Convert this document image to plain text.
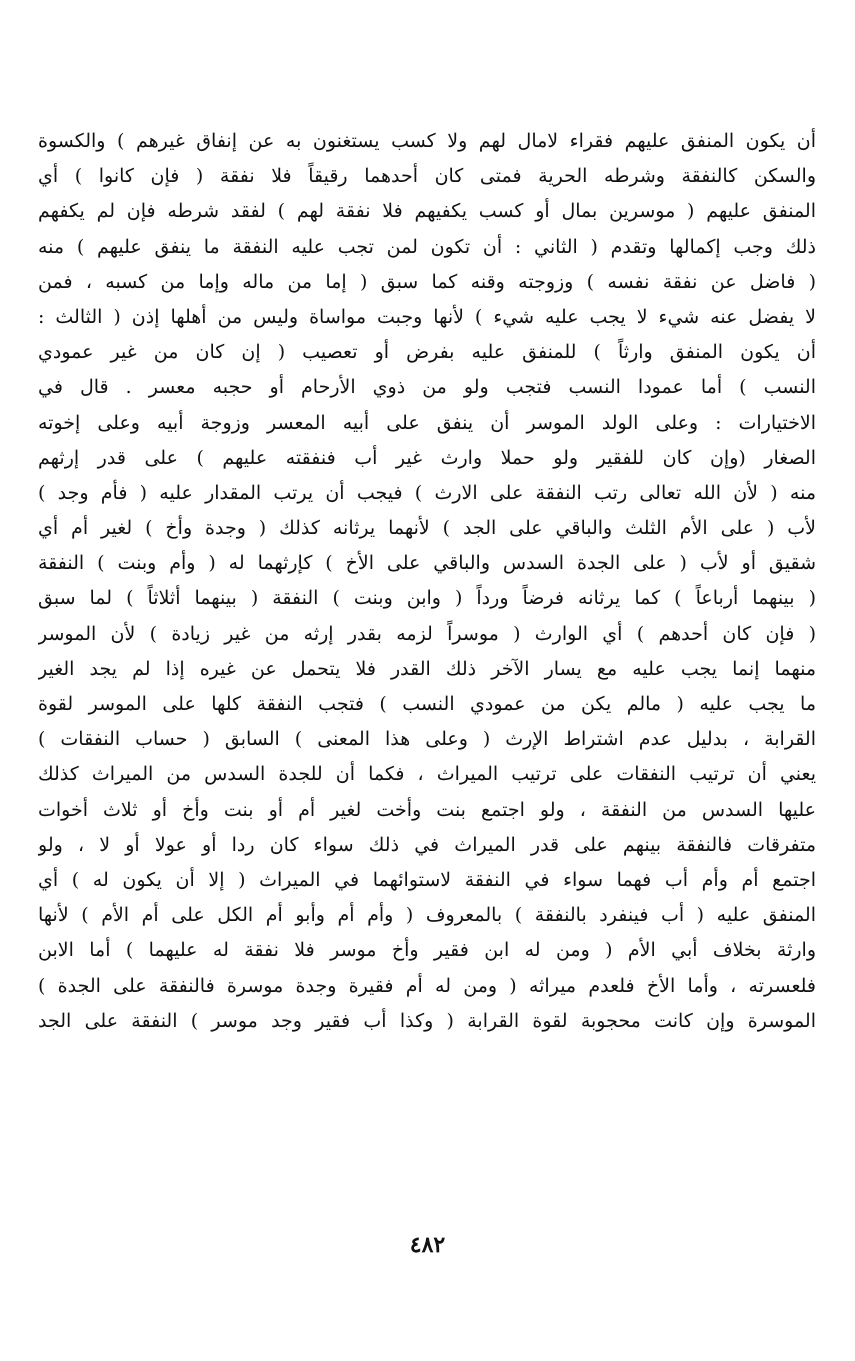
أن يكون المنفق عليهم فقراء لامال لهم ولا كسب يستغنون به عن إنفاق غيرهم ) والكسوة
والسكن كالنفقة وشرطه الحرية فمتى كان أحدهما رقيقاً فلا نفقة ( فإن كانوا ) أي
المنفق عليهم ( موسرين بمال أو كسب يكفيهم فلا نفقة لهم ) لفقد شرطه فإن لم يكفهم
ذلك وجب إكمالها وتقدم ( الثاني : أن تكون لمن تجب عليه النفقة ما ينفق عليهم ) منه
( فاضل عن نفقة نفسه ) وزوجته وقنه كما سبق ( إما من ماله وإما من كسبه ، فمن
لا يفضل عنه شيء لا يجب عليه شيء ) لأنها وجبت مواساة وليس من أهلها إذن ( الثالث :
أن يكون المنفق وارثاً ) للمنفق عليه بفرض أو تعصيب ( إن كان من غير عمودي
النسب ) أما عمودا النسب فتجب ولو من ذوي الأرحام أو حجبه معسر . قال في
الاختيارات : وعلى الولد الموسر أن ينفق على أبيه المعسر وزوجة أبيه وعلى إخوته
الصغار (وإن كان للفقير ولو حملا وارث غير أب فنفقته عليهم ) على قدر إرثهم
منه ( لأن الله تعالى رتب النفقة على الارث ) فيجب أن يرتب المقدار عليه ( فأم وجد )
لأب ( على الأم الثلث والباقي على الجد ) لأنهما يرثانه كذلك ( وجدة وأخ ) لغير أم أي
شقيق أو لأب ( على الجدة السدس والباقي على الأخ ) كإرثهما له ( وأم وبنت ) النفقة
( بينهما أرباعاً ) كما يرثانه فرضاً ورداً ( وابن وبنت ) النفقة ( بينهما أثلاثاً ) لما سبق
( فإن كان أحدهم ) أي الوارث ( موسراً لزمه بقدر إرثه من غير زيادة ) لأن الموسر
منهما إنما يجب عليه مع يسار الآخر ذلك القدر فلا يتحمل عن غيره إذا لم يجد الغير
ما يجب عليه ( مالم يكن من عمودي النسب ) فتجب النفقة كلها على الموسر لقوة
القرابة ، بدليل عدم اشتراط الإرث ( وعلى هذا المعنى ) السابق ( حساب النفقات )
يعني أن ترتيب النفقات على ترتيب الميراث ، فكما أن للجدة السدس من الميراث كذلك
عليها السدس من النفقة ، ولو اجتمع بنت وأخت لغير أم أو بنت وأخ أو ثلاث أخوات
متفرقات فالنفقة بينهم على قدر الميراث في ذلك سواء كان ردا أو عولا أو لا ، ولو
اجتمع أم وأم أب فهما سواء في النفقة لاستوائهما في الميراث ( إلا أن يكون له ) أي
المنفق عليه ( أب فينفرد بالنفقة ) بالمعروف ( وأم أم وأبو أم الكل على أم الأم ) لأنها
وارثة بخلاف أبي الأم ( ومن له ابن فقير وأخ موسر فلا نفقة له عليهما ) أما الابن
فلعسرته ، وأما الأخ فلعدم ميراثه ( ومن له أم فقيرة وجدة موسرة فالنفقة على الجدة )
الموسرة وإن كانت محجوبة لقوة القرابة ( وكذا أب فقير وجد موسر ) النفقة على الجد
٤٨٢
